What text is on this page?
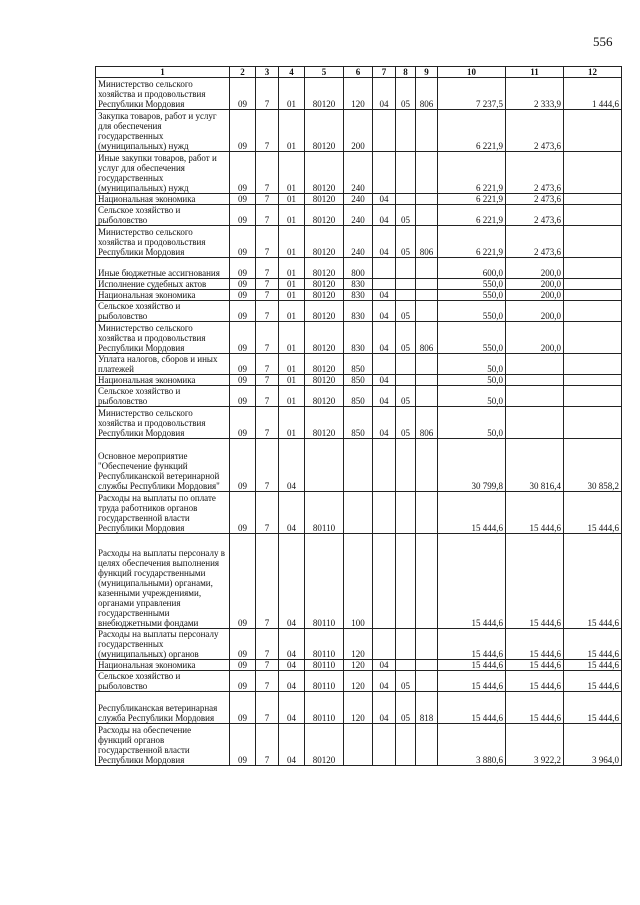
556
1	2	3	4	5	6	7	8	9	10	11	12
Министерство сельского хозяйства и продовольствия Республики Мордовия	09	7	01	80120	120	04	05	806	7 237,5	2 333,9	1 444,6
Закупка товаров, работ и услуг для обеспечения государственных (муниципальных) нужд	09	7	01	80120	200				6 221,9	2 473,6	
Иные закупки товаров, работ и услуг для обеспечения государственных (муниципальных) нужд	09	7	01	80120	240				6 221,9	2 473,6	
Национальная экономика	09	7	01	80120	240	04			6 221,9	2 473,6	
Сельское хозяйство и рыболовство	09	7	01	80120	240	04	05		6 221,9	2 473,6	
Министерство сельского хозяйства и продовольствия Республики Мордовия	09	7	01	80120	240	04	05	806	6 221,9	2 473,6	
Иные бюджетные ассигнования	09	7	01	80120	800				600,0	200,0	
Исполнение судебных актов	09	7	01	80120	830				550,0	200,0	
Национальная экономика	09	7	01	80120	830	04			550,0	200,0	
Сельское хозяйство и рыболовство	09	7	01	80120	830	04	05		550,0	200,0	
Министерство сельского хозяйства и продовольствия Республики Мордовия	09	7	01	80120	830	04	05	806	550,0	200,0	
Уплата налогов, сборов и иных платежей	09	7	01	80120	850				50,0		
Национальная экономика	09	7	01	80120	850	04			50,0		
Сельское хозяйство и рыболовство	09	7	01	80120	850	04	05		50,0		
Министерство сельского хозяйства и продовольствия Республики Мордовия	09	7	01	80120	850	04	05	806	50,0		
Основное мероприятие "Обеспечение функций Республиканской ветеринарной службы Республики Мордовия"	09	7	04						30 799,8	30 816,4	30 858,2
Расходы на выплаты по оплате труда работников органов государственной власти Республики Мордовия	09	7	04	80110					15 444,6	15 444,6	15 444,6
Расходы на выплаты персоналу в целях обеспечения выполнения функций государственными (муниципальными) органами, казенными учреждениями, органами управления государственными внебюджетными фондами	09	7	04	80110	100				15 444,6	15 444,6	15 444,6
Расходы на выплаты персоналу государственных (муниципальных) органов	09	7	04	80110	120				15 444,6	15 444,6	15 444,6
Национальная экономика	09	7	04	80110	120	04			15 444,6	15 444,6	15 444,6
Сельское хозяйство и рыболовство	09	7	04	80110	120	04	05		15 444,6	15 444,6	15 444,6
Республиканская ветеринарная служба Республики Мордовия	09	7	04	80110	120	04	05	818	15 444,6	15 444,6	15 444,6
Расходы на обеспечение функций органов государственной власти Республики Мордовия	09	7	04	80120					3 880,6	3 922,2	3 964,0
